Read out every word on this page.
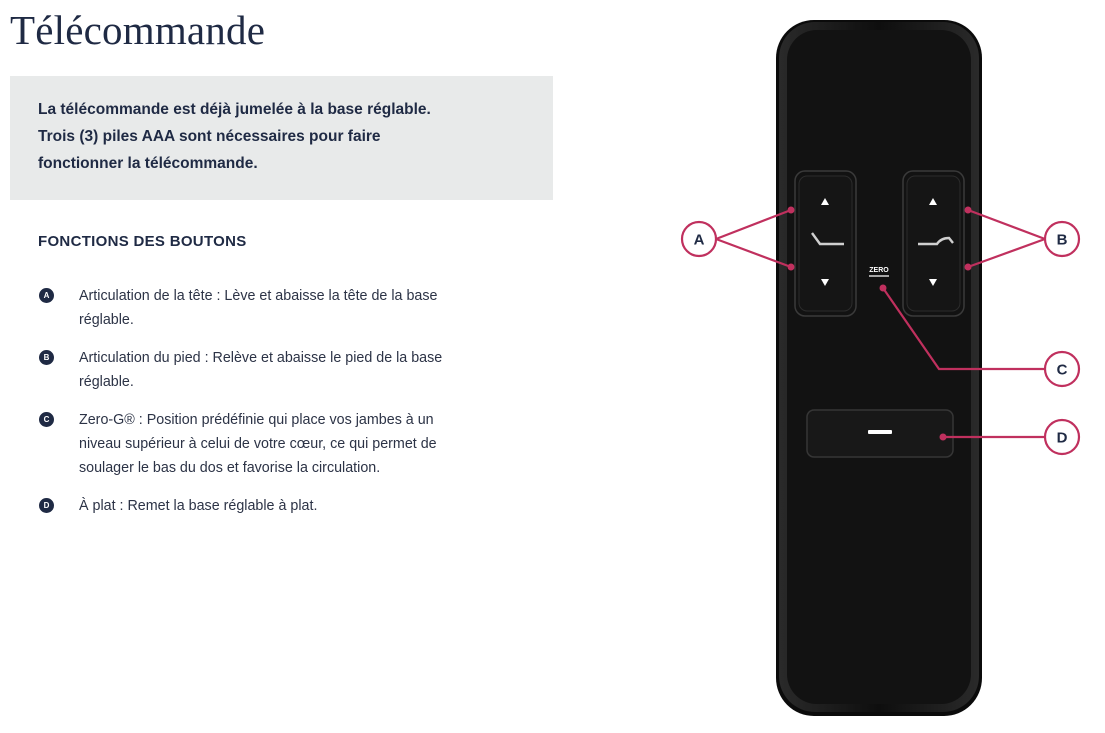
Télécommande

La télécommande est déjà jumelée à la base réglable.

Trois (3) piles AAA sont nécessaires pour faire

fonctionner la télécommande.

FONCTIONS DES BOUTONS
A	Articulation de la tête : Lève et abaisse la tête de la base
réglable.
B	Articulation du pied : Relève et abaisse le pied de la base
réglable.
C	Zero-G® : Position prédéfinie qui place vos jambes à un
niveau supérieur à celui de votre cœur, ce qui permet de
soulager le bas du dos et favorise la circulation.
D	À plat : Remet la base réglable à plat.
ZERO
A	B
C
D
